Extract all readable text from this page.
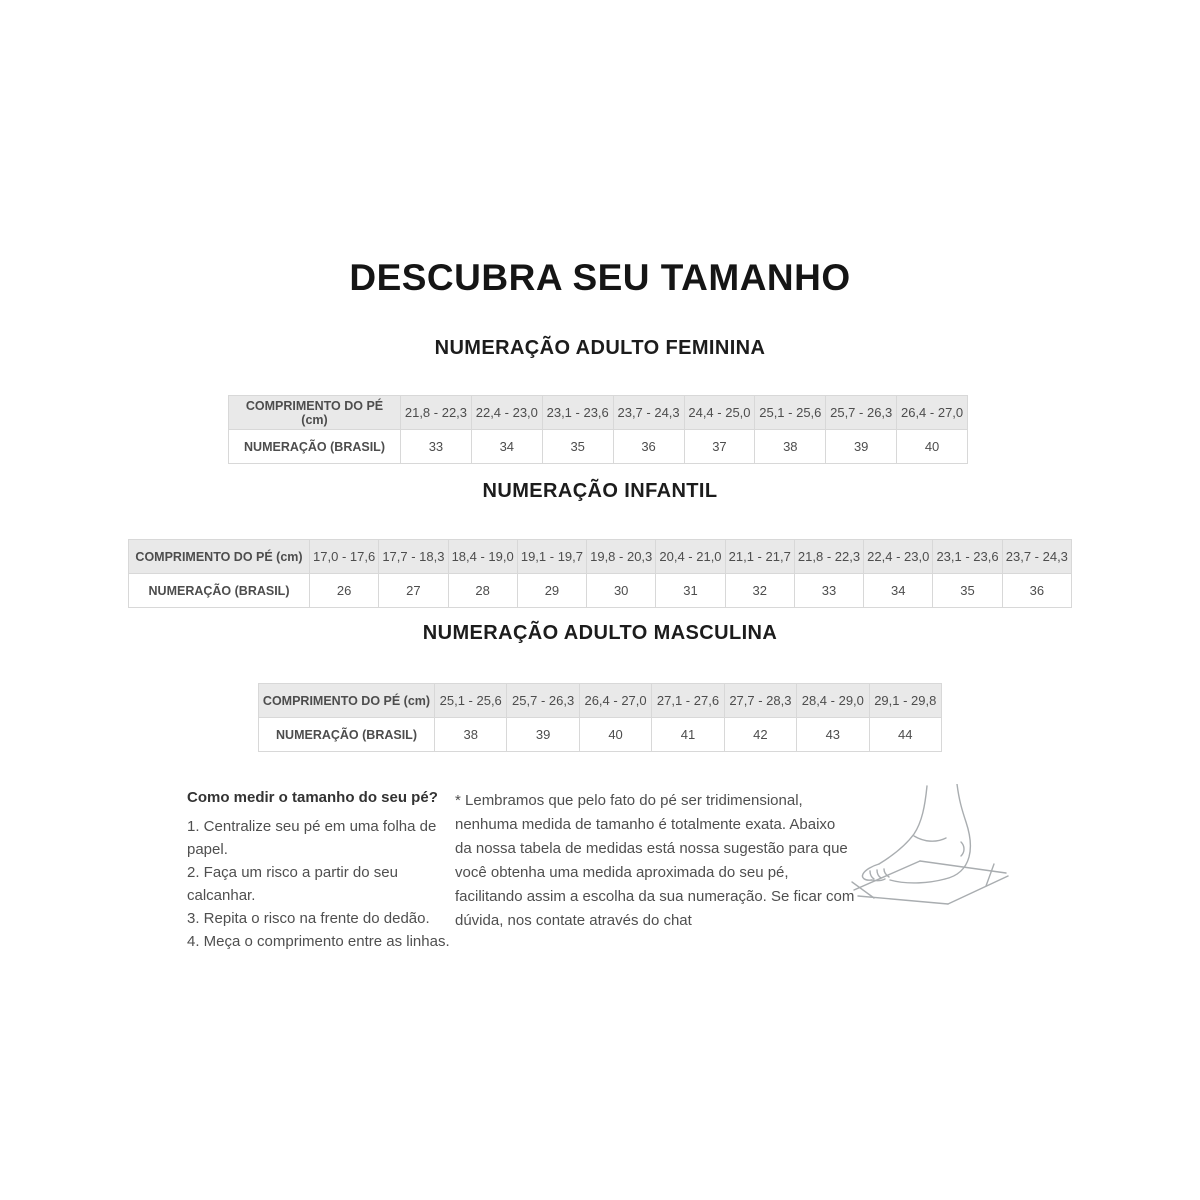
DESCUBRA SEU TAMANHO
NUMERAÇÃO ADULTO FEMININA
COMPRIMENTO DO PÉ (cm)	21,8 - 22,3	22,4 - 23,0	23,1 - 23,6	23,7 - 24,3	24,4 - 25,0	25,1 - 25,6	25,7 - 26,3	26,4 - 27,0
NUMERAÇÃO (BRASIL)	33	34	35	36	37	38	39	40
NUMERAÇÃO INFANTIL
COMPRIMENTO DO PÉ (cm)	17,0 - 17,6	17,7 - 18,3	18,4 - 19,0	19,1 - 19,7	19,8 - 20,3	20,4 - 21,0	21,1 - 21,7	21,8 - 22,3	22,4 - 23,0	23,1 - 23,6	23,7 - 24,3
NUMERAÇÃO (BRASIL)	26	27	28	29	30	31	32	33	34	35	36
NUMERAÇÃO ADULTO MASCULINA
COMPRIMENTO DO PÉ (cm)	25,1 - 25,6	25,7 - 26,3	26,4 - 27,0	27,1 - 27,6	27,7 - 28,3	28,4 - 29,0	29,1 - 29,8
NUMERAÇÃO (BRASIL)	38	39	40	41	42	43	44
Como medir o tamanho do seu pé?
1. Centralize seu pé em uma folha de papel.
2. Faça um risco a partir do seu calcanhar.
3. Repita o risco na frente do dedão.
4. Meça o comprimento entre as linhas.

* Lembramos que pelo fato do pé ser tridimensional, nenhuma medida de tamanho é totalmente exata. Abaixo da nossa tabela de medidas está nossa sugestão para que você obtenha uma medida aproximada do seu pé, facilitando assim a escolha da sua numeração. Se ficar com dúvida, nos contate através do chat
